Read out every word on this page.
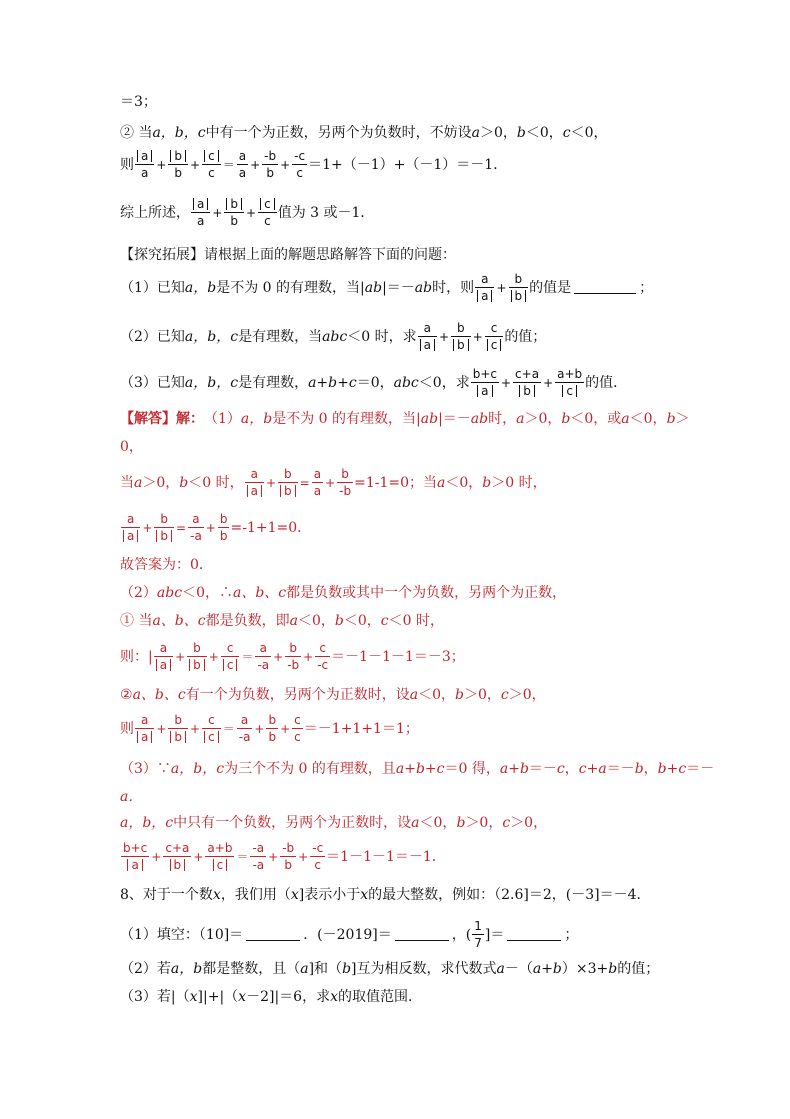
＝3；
② 当 a，b，c 中有一个为正数，另两个为负数时，不妨设 a ＞0， b ＜0， c ＜0，
则 $\frac{a}{a} + \frac{b}{b} + \frac{c}{c} = \frac{a}{a} + \frac{-b}{b} + \frac{-c}{c} =1+(-1)+(-1)=-1$．
综上所述， $\frac{a}{a} + \frac{b}{b} + \frac{c}{c}$ 值为 3 或－1．
【探究拓展】请根据上面的解题思路解答下面的问题：
（1）已知 a，b 是不为 0 的有理数，当| ab |＝－ ab 时，则 $\frac{a}{a} + \frac{b}{b}$ 的值是	；
（2）已知 a，b，c 是有理数，当 abc ＜0 时，求 $\frac{a}{a} + \frac{b}{b} + \frac{c}{c}$ 的值；
（3）已知 a，b，c 是有理数， a+b+c ＝0， abc ＜0，求 $\frac{b+c}{a} + \frac{c+a}{b} + \frac{a+b}{c}$ 的值．
【解答】解： （1） a，b 是不为 0 的有理数，当| ab |＝－ ab 时， a ＞0， b ＜0，或 a ＜0， b ＞
0，
当 a ＞0， b ＜0 时， $\frac{a}{a} + \frac{b}{b} = \frac{a}{a} + \frac{b}{-b} =1-1=0$；当 a ＜0， b ＞0 时，
$\frac{a}{a} + \frac{b}{b} = \frac{a}{-a} + \frac{b}{b} =-1+1=0$．
故答案为：0．
（2） abc ＜0，∴ a、b、c 都是负数或其中一个为负数，另两个为正数，
① 当 a、b、c 都是负数，即 a ＜0， b ＜0， c ＜0 时，
则：| $\frac{a}{a} + \frac{b}{b} + \frac{c}{c} = \frac{a}{-a} + \frac{b}{-b} + \frac{c}{-c} =-1-1-1=-3$；
② a、b、c 有一个为负数，另两个为正数时，设 a ＜0， b ＞0， c ＞0，
则 $\frac{a}{a} + \frac{b}{b} + \frac{c}{c} = \frac{a}{-a} + \frac{b}{b} + \frac{c}{c} =-1+1+1=1$；
（3）∵ a，b，c 为三个不为 0 的有理数，且 a+b+c ＝0 得， a+b ＝－ c ， c+a ＝－ b ， b+c ＝－
a．
a，b，c 中只有一个负数，另两个为正数时，设 a ＜0， b ＞0， c ＞0，
$\frac{b+c}{a} + \frac{c+a}{b} + \frac{a+b}{c} = \frac{-a}{-a} + \frac{-b}{b} + \frac{-c}{c} =1-1-1=-1$．
8、对于一个数 x ，我们用（ x ]表示小于 x 的最大整数，例如：（2.6]＝2，(－3]＝－4．
（1）填空：（10]＝	．(－2019]＝	，( $\frac{1}{7}$ ]＝	；
（2）若 a，b 都是整数，且（ a ]和（ b ]互为相反数，求代数式 a －（ a+b ）×3+ b 的值；
（3）若|（ x ]|+|（ x －2]|＝6，求 x 的取值范围．
